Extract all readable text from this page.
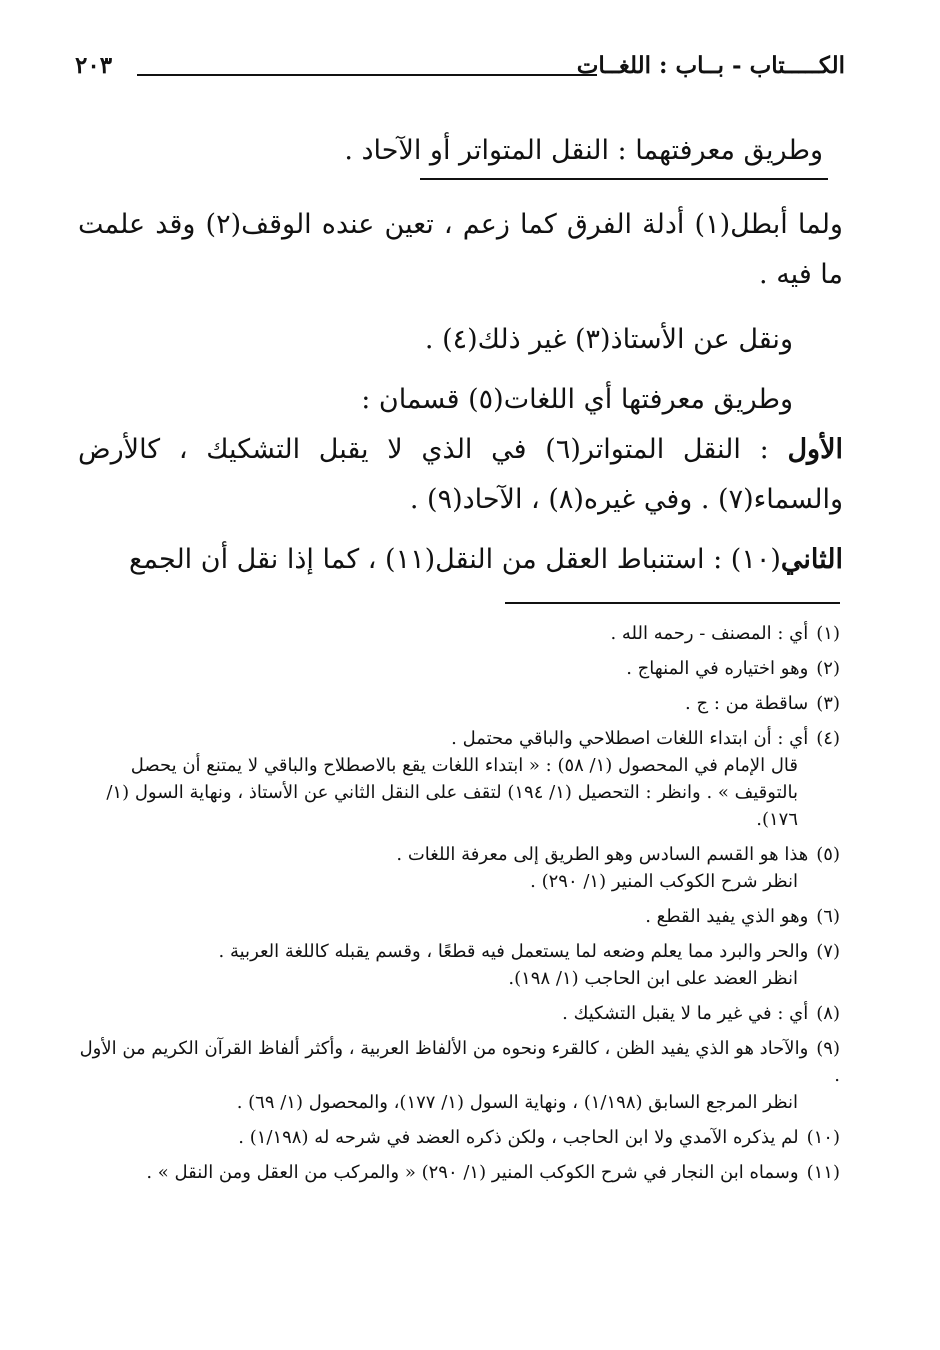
الكـــــتاب - بــاب : اللغــات
٢٠٣
وطريق معرفتهما : النقل المتواتر أو الآحاد .
ولما أبطل(١) أدلة الفرق كما زعم ، تعين عنده الوقف(٢) وقد علمت ما فيه .
ونقل عن الأستاذ(٣) غير ذلك(٤) .
وطريق معرفتها أي اللغات(٥) قسمان :
الأول : النقل المتواتر(٦) في الذي لا يقبل التشكيك ، كالأرض والسماء(٧) . وفي غيره(٨) ، الآحاد(٩) .
الثاني(١٠) : استنباط العقل من النقل(١١) ، كما إذا نقل أن الجمع
(١)أي : المصنف - رحمه الله .
(٢)وهو اختياره في المنهاج .
(٣)ساقطة من : ج .
(٤)أي : أن ابتداء اللغات اصطلاحي والباقي محتمل .
قال الإمام في المحصول (١/ ٥٨) : « ابتداء اللغات يقع بالاصطلاح والباقي لا يمتنع أن يحصل بالتوقيف » . وانظر : التحصيل (١/ ١٩٤) لتقف على النقل الثاني عن الأستاذ ، ونهاية السول (١/ ١٧٦).
(٥)هذا هو القسم السادس وهو الطريق إلى معرفة اللغات .
انظر شرح الكوكب المنير (١/ ٢٩٠) .
(٦)وهو الذي يفيد القطع .
(٧)والحر والبرد مما يعلم وضعه لما يستعمل فيه قطعًا ، وقسم يقبله كاللغة العربية .
انظر العضد على ابن الحاجب (١/ ١٩٨).
(٨)أي : في غير ما لا يقبل التشكيك .
(٩)والآحاد هو الذي يفيد الظن ، كالقرء ونحوه من الألفاظ العربية ، وأكثر ألفاظ القرآن الكريم من الأول .
انظر المرجع السابق (١/١٩٨) ، ونهاية السول (١/ ١٧٧)، والمحصول (١/ ٦٩) .
(١٠)لم يذكره الآمدي ولا ابن الحاجب ، ولكن ذكره العضد في شرحه له (١/١٩٨) .
(١١)وسماه ابن النجار في شرح الكوكب المنير (١/ ٢٩٠) « والمركب من العقل ومن النقل » .
